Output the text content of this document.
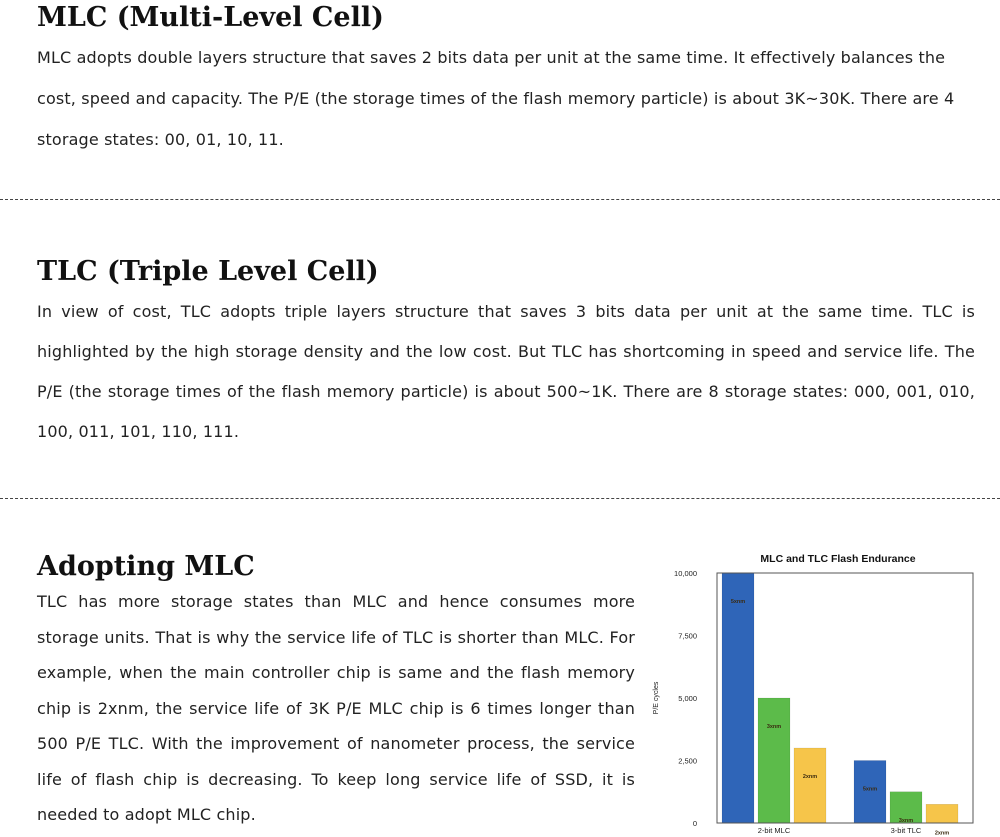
MLC (Multi-Level Cell)

MLC adopts double layers structure that saves 2 bits data per unit at the same time. It effectively balances the cost, speed and capacity. The P/E (the storage times of the flash memory particle) is about 3K~30K. There are 4 storage states: 00, 01, 10, 11.

TLC (Triple Level Cell)

In view of cost, TLC adopts triple layers structure that saves 3 bits data per unit at the same time. TLC is highlighted by the high storage density and the low cost. But TLC has shortcoming in speed and service life. The P/E (the storage times of the flash memory particle) is about 500~1K. There are 8 storage states: 000, 001, 010, 100, 011, 101, 110, 111.

Adopting MLC

TLC has more storage states than MLC and hence consumes more storage units. That is why the service life of TLC is shorter than MLC. For example, when the main controller chip is same and the flash memory chip is 2xnm, the service life of 3K P/E MLC chip is 6 times longer than 500 P/E TLC. With the improvement of nanometer process, the service life of flash chip is decreasing. To keep long service life of SSD, it is needed to adopt MLC chip.

MLC and TLC Flash Endurance
P/E cycles
0
2,500
5,000
7,500
10,000
5xnm
3xnm
2xnm
2-bit MLC
5xnm
3xnm
2xnm
3-bit TLC
